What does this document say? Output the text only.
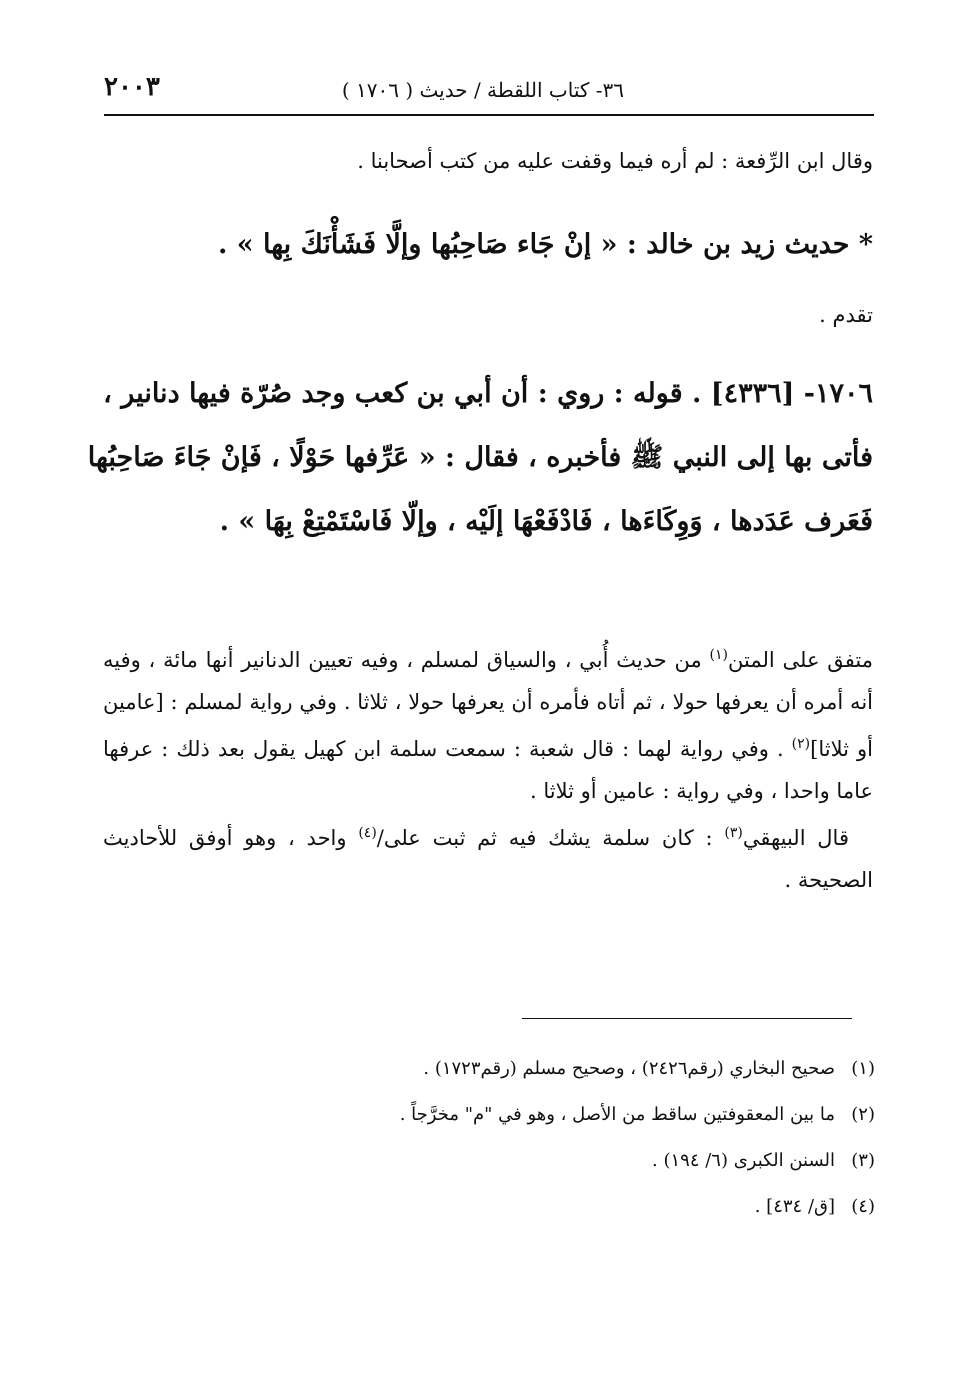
٣٦- كتاب اللقطة / حديث ( ١٧٠٦ )
٢٠٠٣

وقال ابن الرِّفعة : لم أره فيما وقفت عليه من كتب أصحابنا .

* حديث زيد بن خالد : « إنْ جَاء صَاحِبُها وإلَّا فَشَأْنَكَ بِها » .

تقدم .

١٧٠٦- [٤٣٣٦] . قوله : روي : أن أبي بن كعب وجد صُرّة فيها دنانير ، فأتى بها إلى النبي ﷺ فأخبره ، فقال : « عَرِّفها حَوْلًا ، فَإنْ جَاءَ صَاحِبُها فَعَرف عَدَدها ، وَوِكَاءَها ، فَادْفَعْهَا إلَيْه ، وإلّا فَاسْتَمْتِعْ بِهَا » .

متفق على المتن$^{(١)}$ من حديث أُبي ، والسياق لمسلم ، وفيه تعيين الدنانير أنها مائة ، وفيه أنه أمره أن يعرفها حولا ، ثم أتاه فأمره أن يعرفها حولا ، ثلاثا . وفي رواية لمسلم : [عامين أو ثلاثا]$^{(٢)}$ . وفي رواية لهما : قال شعبة : سمعت سلمة ابن كهيل يقول بعد ذلك : عرفها عاما واحدا ، وفي رواية : عامين أو ثلاثا .
قال البيهقي$^{(٣)}$ : كان سلمة يشك فيه ثم ثبت على/$^{(٤)}$ واحد ، وهو أوفق للأحاديث الصحيحة .

(١)
صحيح البخاري (رقم٢٤٢٦) ، وصحيح مسلم (رقم١٧٢٣) .
(٢)
ما بين المعقوفتين ساقط من الأصل ، وهو في "م" مخرَّجاً .
(٣)
السنن الكبرى (٦/ ١٩٤) .
(٤)
[ق/ ٤٣٤] .
